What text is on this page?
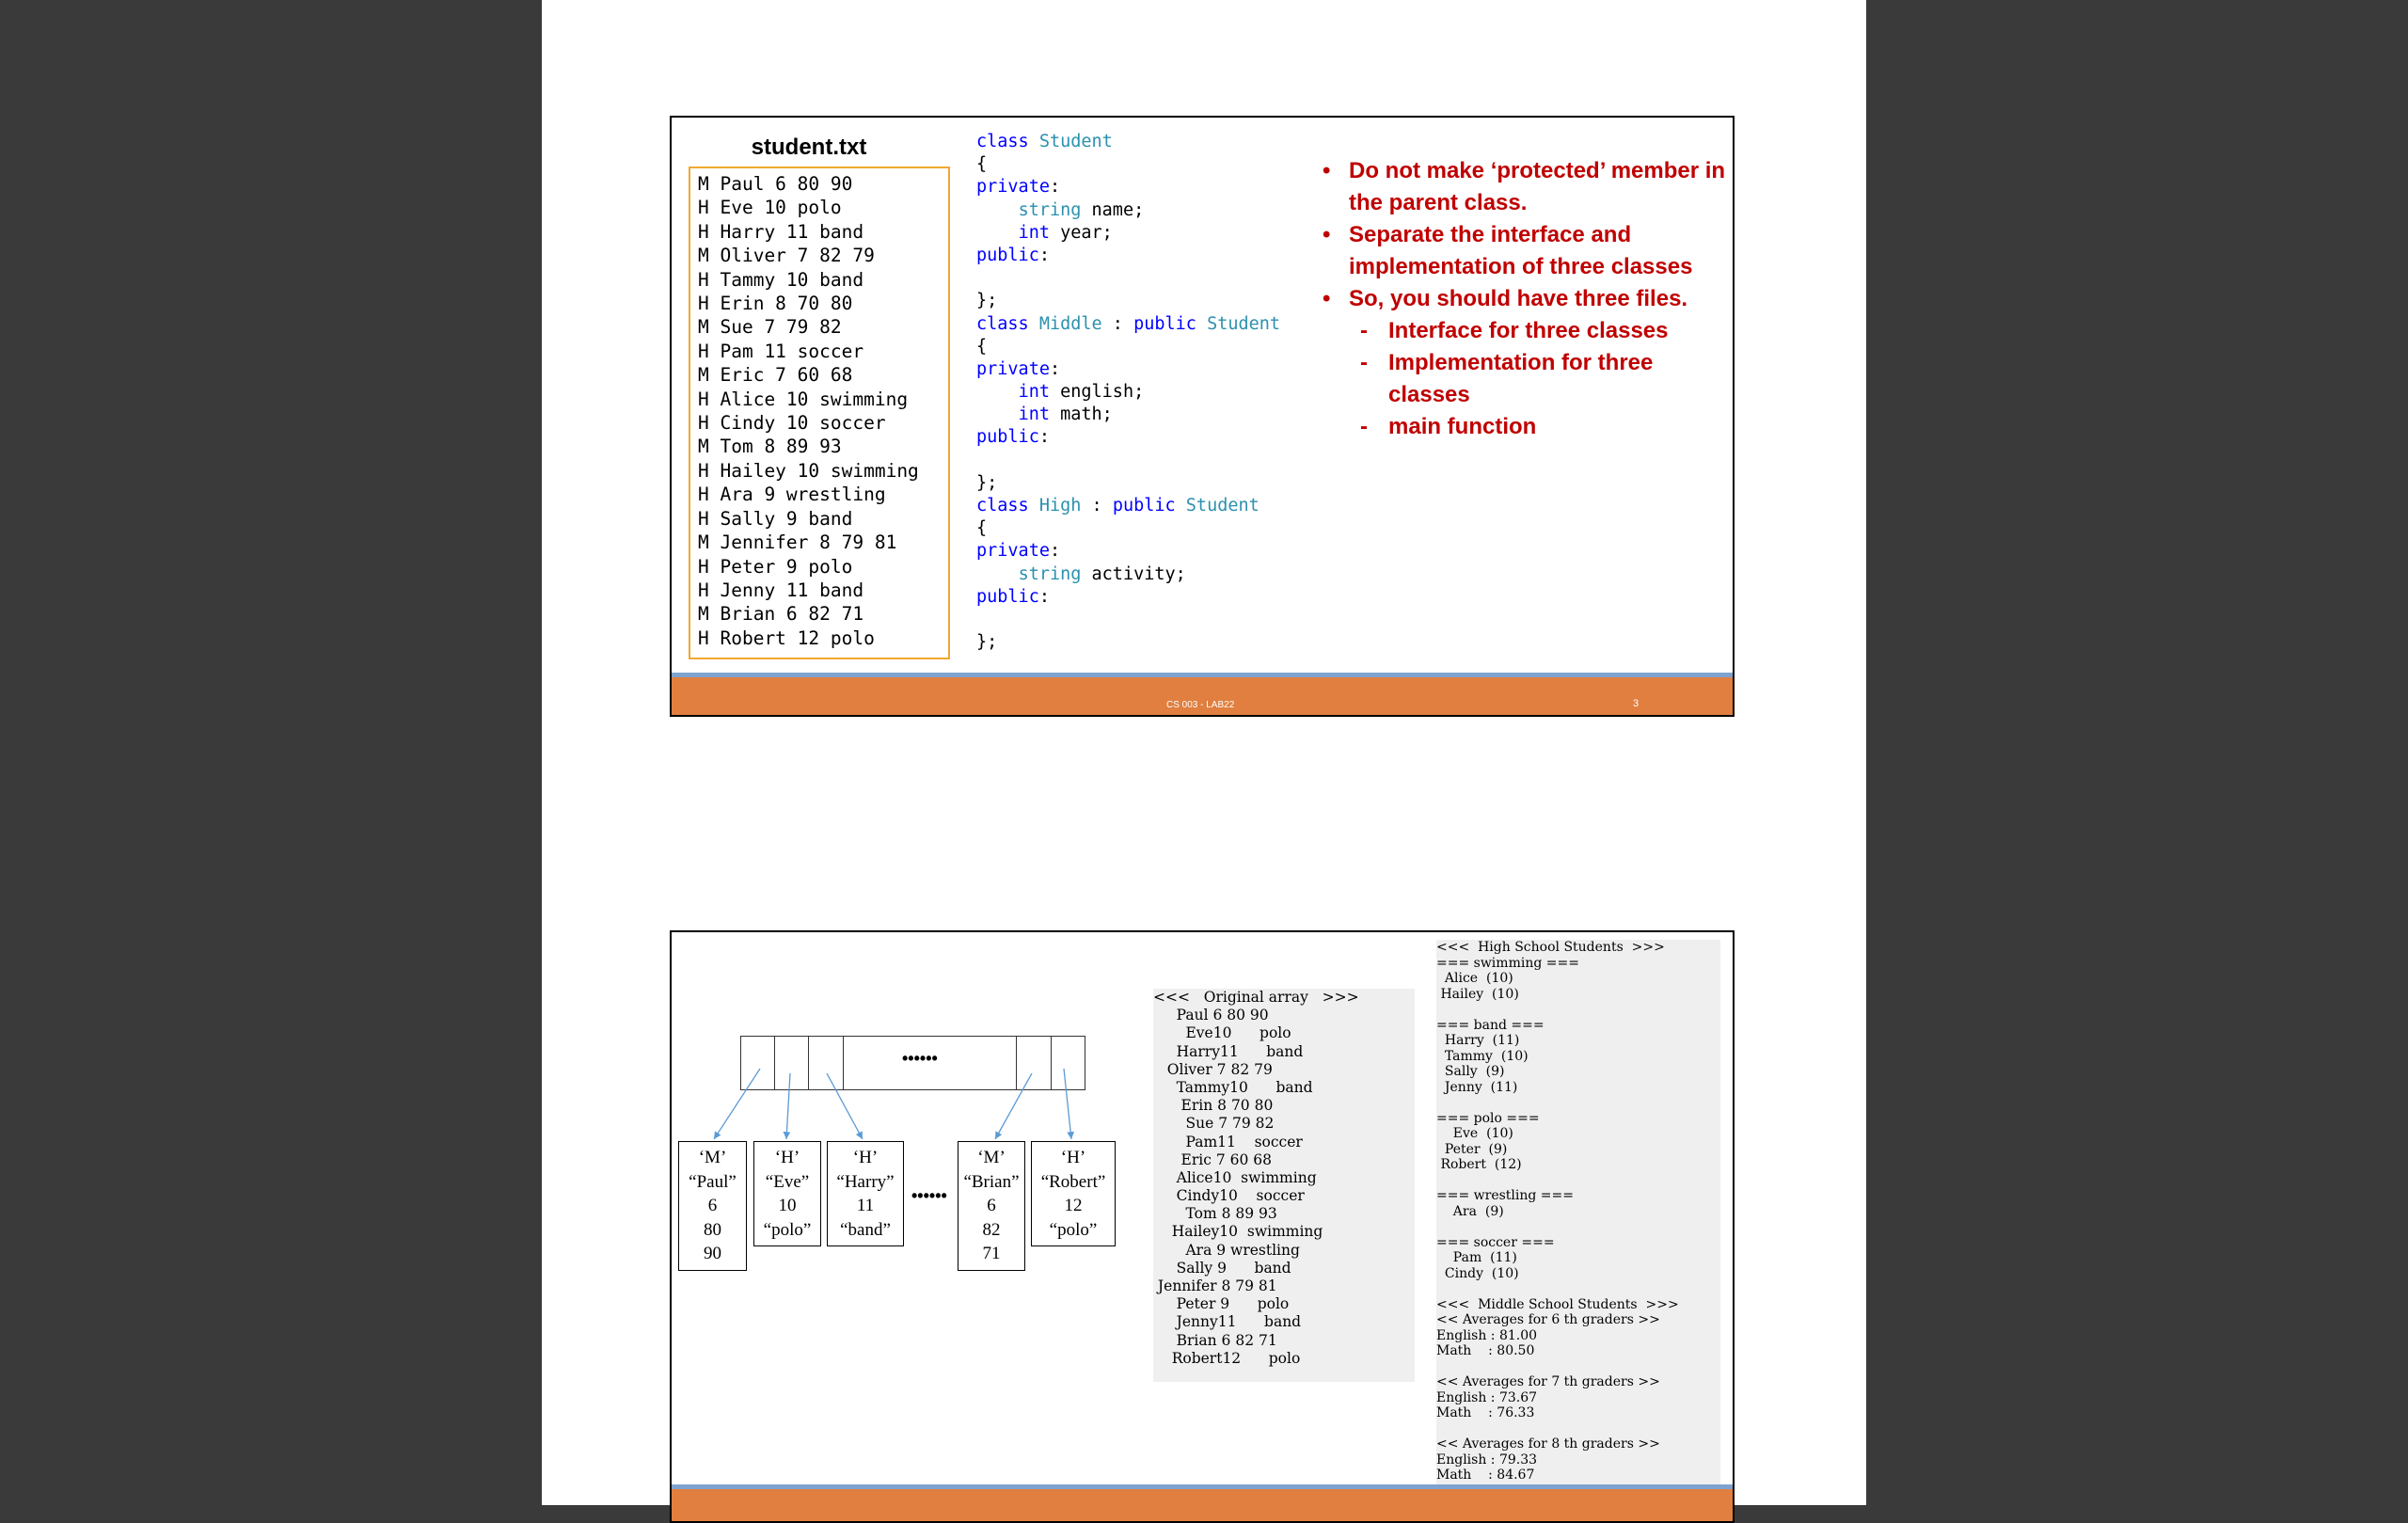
student.txt
M Paul 6 80 90
H Eve 10 polo
H Harry 11 band
M Oliver 7 82 79
H Tammy 10 band
H Erin 8 70 80
M Sue 7 79 82
H Pam 11 soccer
M Eric 7 60 68
H Alice 10 swimming
H Cindy 10 soccer
M Tom 8 89 93
H Hailey 10 swimming
H Ara 9 wrestling
H Sally 9 band
M Jennifer 8 79 81
H Peter 9 polo
H Jenny 11 band
M Brian 6 82 71
H Robert 12 polo
class Student
{
private:
string name;
int year;
public:
};
class Middle : public Student
{
private:
int english;
int math;
public:
};
class High : public Student
{
private:
string activity;
public:
};
• Do not make ‘protected’ member in the parent class.
• Separate the interface and implementation of three classes
• So, you should have three files.
- Interface for three classes
- Implementation for three classes
- main function
CS 003 - LAB22	3
••••••
‘M’
“Paul”
6
80
90
‘H’
“Eve”
10
“polo”
‘H’
“Harry”
11
“band”
••••••
‘M’
“Brian”
6
82
71
‘H’
“Robert”
12
“polo”
<<<   Original array   >>>
Paul 6 80 90
Eve10      polo
Harry11      band
Oliver 7 82 79
Tammy10      band
Erin 8 70 80
Sue 7 79 82
Pam11    soccer
Eric 7 60 68
Alice10  swimming
Cindy10    soccer
Tom 8 89 93
Hailey10  swimming
Ara 9 wrestling
Sally 9      band
Jennifer 8 79 81
Peter 9      polo
Jenny11      band
Brian 6 82 71
Robert12      polo
<<<  High School Students  >>>
=== swimming ===
Alice  (10)
Hailey  (10)
=== band ===
Harry  (11)
Tammy  (10)
Sally  (9)
Jenny  (11)
=== polo ===
Eve  (10)
Peter  (9)
Robert  (12)
=== wrestling ===
Ara  (9)
=== soccer ===
Pam  (11)
Cindy  (10)
<<<  Middle School Students  >>>
<< Averages for 6 th graders >>
English : 81.00
Math    : 80.50
<< Averages for 7 th graders >>
English : 73.67
Math    : 76.33
<< Averages for 8 th graders >>
English : 79.33
Math    : 84.67
